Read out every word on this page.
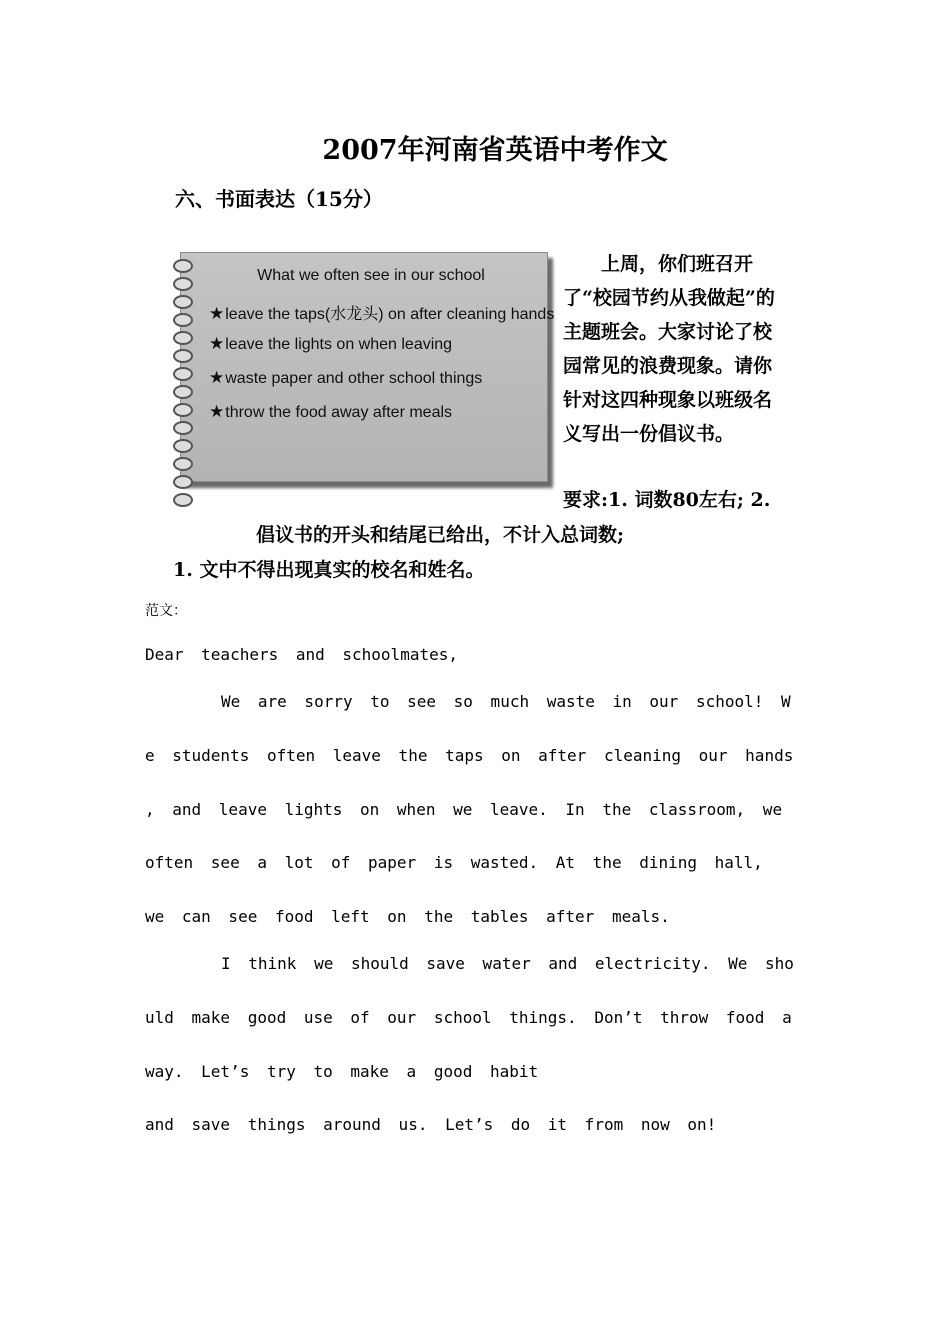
2007年河南省英语中考作文
六、书面表达（15分）
What we often see in our school
★leave the taps(水龙头) on after cleaning hands
★leave the lights on when leaving
★waste paper and other school things
★throw the food away after meals
上周，你们班召开了“校园节约从我做起”的主题班会。大家讨论了校园常见的浪费现象。请你针对这四种现象以班级名义写出一份倡议书。
要求:1. 词数80左右; 2.
倡议书的开头和结尾已给出，不计入总词数;
1. 文中不得出现真实的校名和姓名。
范文：
Dear teachers and schoolmates,
We are sorry to see so much waste in our school! W
e students often leave the taps on after cleaning our hands
, and leave lights on when we leave. In the classroom, we
often see a lot of paper is wasted. At the dining hall,
we can see food left on the tables after meals.
I think we should save water and electricity. We sho
uld make good use of our school things. Don’t throw food a
way. Let’s try to make a good habit
and save things around us. Let’s do it from now on!
